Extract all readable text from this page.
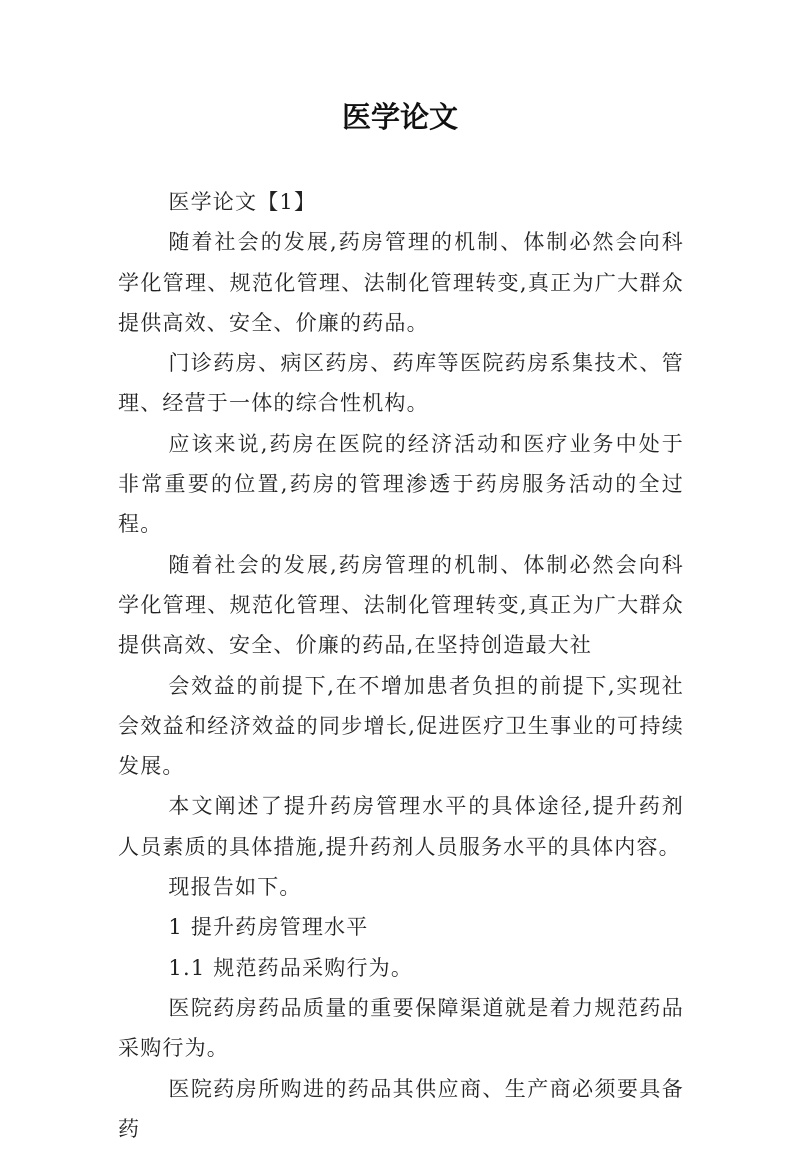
医学论文

医学论文【1】

随着社会的发展,药房管理的机制、体制必然会向科学化管理、规范化管理、法制化管理转变,真正为广大群众提供高效、安全、价廉的药品。

门诊药房、病区药房、药库等医院药房系集技术、管理、经营于一体的综合性机构。

应该来说,药房在医院的经济活动和医疗业务中处于非常重要的位置,药房的管理渗透于药房服务活动的全过程。

随着社会的发展,药房管理的机制、体制必然会向科学化管理、规范化管理、法制化管理转变,真正为广大群众提供高效、安全、价廉的药品,在坚持创造最大社

会效益的前提下,在不增加患者负担的前提下,实现社会效益和经济效益的同步增长,促进医疗卫生事业的可持续发展。

本文阐述了提升药房管理水平的具体途径,提升药剂人员素质的具体措施,提升药剂人员服务水平的具体内容。

现报告如下。

1 提升药房管理水平

1.1 规范药品采购行为。

医院药房药品质量的重要保障渠道就是着力规范药品采购行为。

医院药房所购进的药品其供应商、生产商必须要具备药
